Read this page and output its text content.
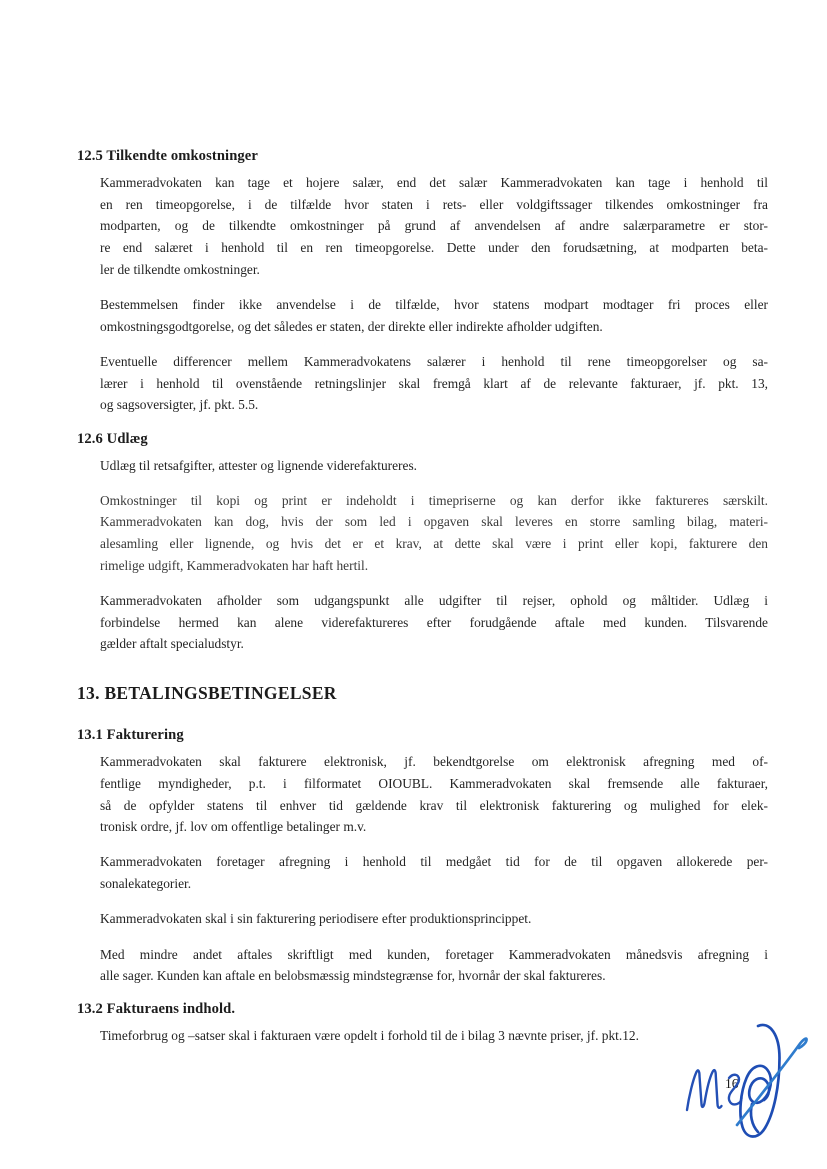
12.5 Tilkendte omkostninger
Kammeradvokaten kan tage et hojere salær, end det salær Kammeradvokaten kan tage i henhold til
en ren timeopgorelse, i de tilfælde hvor staten i rets- eller voldgiftssager tilkendes omkostninger fra
modparten, og de tilkendte omkostninger på grund af anvendelsen af andre salærparametre er stor-
re end salæret i henhold til en ren timeopgorelse. Dette under den forudsætning, at modparten beta-
ler de tilkendte omkostninger.
Bestemmelsen finder ikke anvendelse i de tilfælde, hvor statens modpart modtager fri proces eller
omkostningsgodtgorelse, og det således er staten, der direkte eller indirekte afholder udgiften.
Eventuelle differencer mellem Kammeradvokatens salærer i henhold til rene timeopgorelser og sa-
lærer i henhold til ovenstående retningslinjer skal fremgå klart af de relevante fakturaer, jf. pkt. 13,
og sagsoversigter, jf. pkt. 5.5.
12.6 Udlæg
Udlæg til retsafgifter, attester og lignende viderefaktureres.
Omkostninger til kopi og print er indeholdt i timepriserne og kan derfor ikke faktureres særskilt.
Kammeradvokaten kan dog, hvis der som led i opgaven skal leveres en storre samling bilag, materi-
alesamling eller lignende, og hvis det er et krav, at dette skal være i print eller kopi, fakturere den
rimelige udgift, Kammeradvokaten har haft hertil.
Kammeradvokaten afholder som udgangspunkt alle udgifter til rejser, ophold og måltider. Udlæg i
forbindelse hermed kan alene viderefaktureres efter forudgående aftale med kunden. Tilsvarende
gælder aftalt specialudstyr.
13. BETALINGSBETINGELSER
13.1 Fakturering
Kammeradvokaten skal fakturere elektronisk, jf. bekendtgorelse om elektronisk afregning med of-
fentlige myndigheder, p.t. i filformatet OIOUBL. Kammeradvokaten skal fremsende alle fakturaer,
så de opfylder statens til enhver tid gældende krav til elektronisk fakturering og mulighed for elek-
tronisk ordre, jf. lov om offentlige betalinger m.v.
Kammeradvokaten foretager afregning i henhold til medgået tid for de til opgaven allokerede per-
sonalekategorier.
Kammeradvokaten skal i sin fakturering periodisere efter produktionsprincippet.
Med mindre andet aftales skriftligt med kunden, foretager Kammeradvokaten månedsvis afregning i
alle sager. Kunden kan aftale en belobsmæssig mindstegrænse for, hvornår der skal faktureres.
13.2 Fakturaens indhold.
Timeforbrug og –satser skal i fakturaen være opdelt i forhold til de i bilag 3 nævnte priser, jf. pkt.12.
16
